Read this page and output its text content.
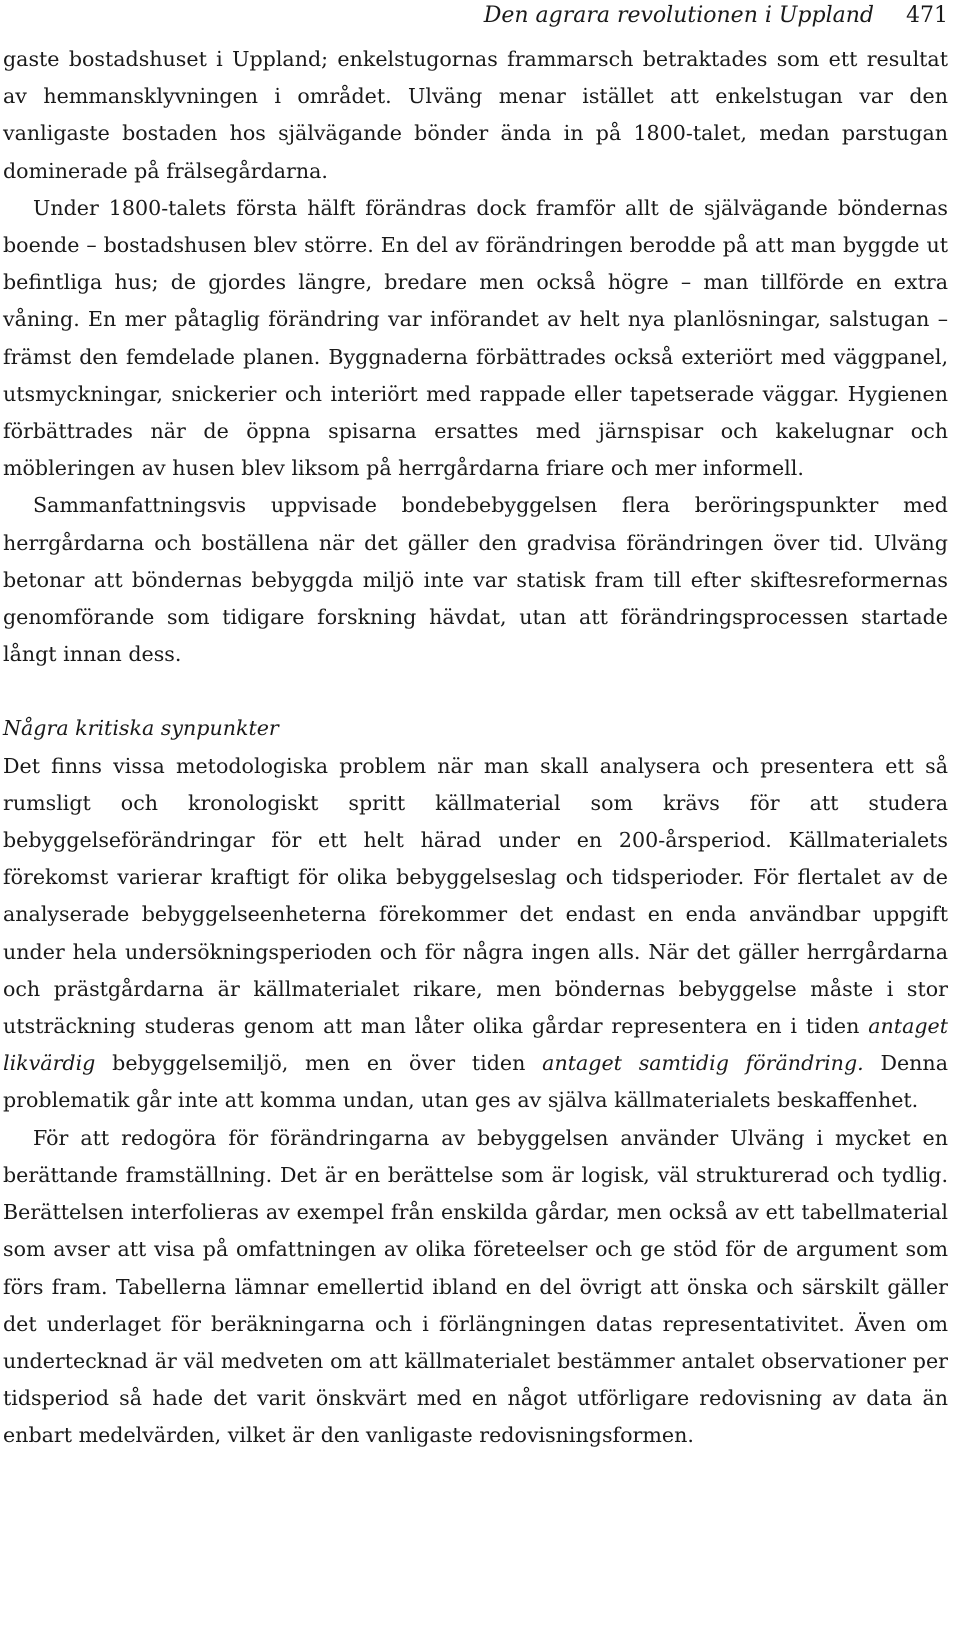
Den agrara revolutionen i Uppland 471

gaste bostadshuset i Uppland; enkelstugornas frammarsch betraktades som ett resultat av hemmansklyvningen i området. Ulväng menar istället att enkelstugan var den vanligaste bostaden hos självägande bönder ända in på 1800-talet, medan parstugan dominerade på frälsegårdarna.

Under 1800-talets första hälft förändras dock framför allt de självägande böndernas boende – bostadshusen blev större. En del av förändringen berodde på att man byggde ut befintliga hus; de gjordes längre, bredare men också högre – man tillförde en extra våning. En mer påtaglig förändring var införandet av helt nya planlösningar, salstugan – främst den femdelade planen. Byggnaderna förbättrades också exteriört med väggpanel, utsmyckningar, snickerier och interiört med rappade eller tapetserade väggar. Hygienen förbättrades när de öppna spisarna ersattes med järnspisar och kakelugnar och möbleringen av husen blev liksom på herrgårdarna friare och mer informell.

Sammanfattningsvis uppvisade bondebebyggelsen flera beröringspunkter med herrgårdarna och boställena när det gäller den gradvisa förändringen över tid. Ulväng betonar att böndernas bebyggda miljö inte var statisk fram till efter skiftesreformernas genomförande som tidigare forskning hävdat, utan att förändringsprocessen startade långt innan dess.

Några kritiska synpunkter

Det finns vissa metodologiska problem när man skall analysera och presentera ett så rumsligt och kronologiskt spritt källmaterial som krävs för att studera bebyggelseförändringar för ett helt härad under en 200-årsperiod. Källmaterialets förekomst varierar kraftigt för olika bebyggelseslag och tidsperioder. För flertalet av de analyserade bebyggelseenheterna förekommer det endast en enda användbar uppgift under hela undersökningsperioden och för några ingen alls. När det gäller herrgårdarna och prästgårdarna är källmaterialet rikare, men böndernas bebyggelse måste i stor utsträckning studeras genom att man låter olika gårdar representera en i tiden antaget likvärdig bebyggelsemiljö, men en över tiden antaget samtidig förändring. Denna problematik går inte att komma undan, utan ges av själva källmaterialets beskaffenhet.

För att redogöra för förändringarna av bebyggelsen använder Ulväng i mycket en berättande framställning. Det är en berättelse som är logisk, väl strukturerad och tydlig. Berättelsen interfolieras av exempel från enskilda gårdar, men också av ett tabellmaterial som avser att visa på omfattningen av olika företeelser och ge stöd för de argument som förs fram. Tabellerna lämnar emellertid ibland en del övrigt att önska och särskilt gäller det underlaget för beräkningarna och i förlängningen datas representativitet. Även om undertecknad är väl medveten om att källmaterialet bestämmer antalet observationer per tidsperiod så hade det varit önskvärt med en något utförligare redovisning av data än enbart medelvärden, vilket är den vanligaste redovisningsformen.
